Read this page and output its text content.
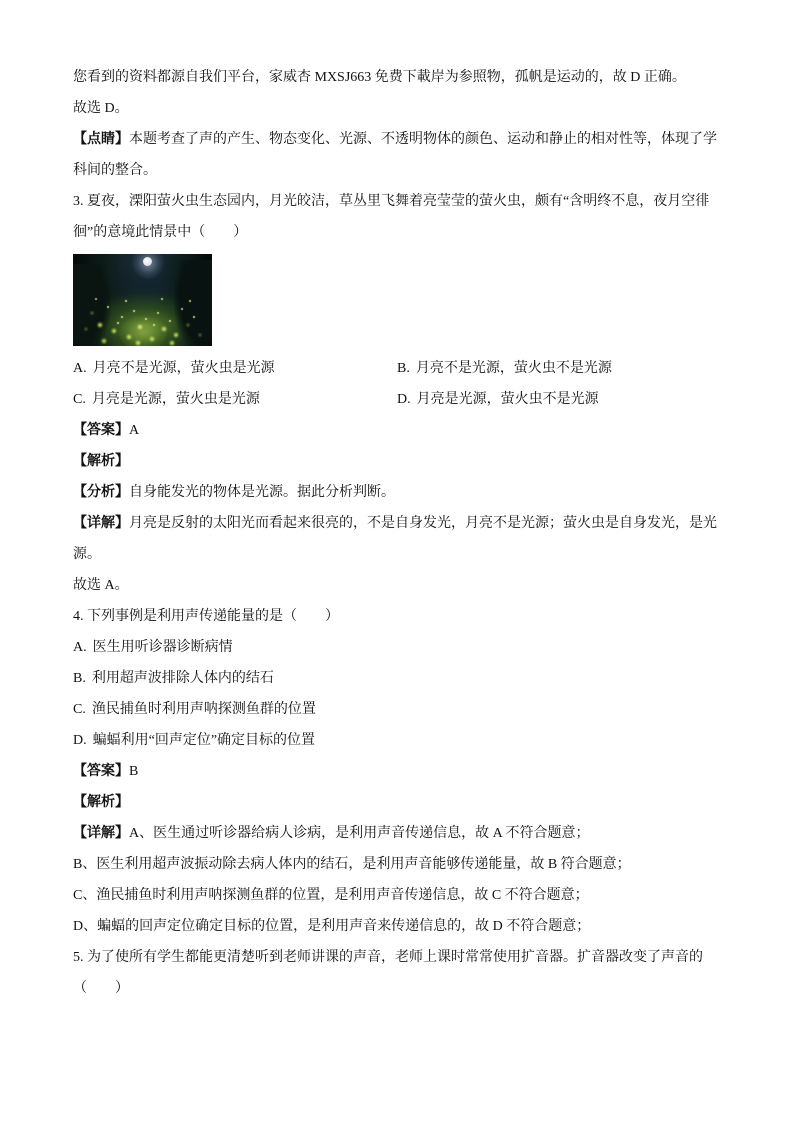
您看到的资料都源自我们平台，家威杏 MXSJ663 免费下載岸为参照物，孤帆是运动的，故 D 正确。
故选 D。
【点睛】本题考查了声的产生、物态变化、光源、不透明物体的颜色、运动和静止的相对性等，体现了学
科间的整合。
3. 夏夜，溧阳萤火虫生态园内，月光皎洁，草丛里飞舞着亮莹莹的萤火虫，颇有“含明终不息，夜月空徘
徊”的意境此情景中（　　）
A. 月亮不是光源，萤火虫是光源	B. 月亮不是光源，萤火虫不是光源
C. 月亮是光源，萤火虫是光源	D. 月亮是光源，萤火虫不是光源
【答案】A
【解析】
【分析】自身能发光的物体是光源。据此分析判断。
【详解】月亮是反射的太阳光而看起来很亮的，不是自身发光，月亮不是光源；萤火虫是自身发光，是光
源。
故选 A。
4. 下列事例是利用声传递能量的是（　　）
A. 医生用听诊器诊断病情
B. 利用超声波排除人体内的结石
C. 渔民捕鱼时利用声呐探测鱼群的位置
D. 蝙蝠利用“回声定位”确定目标的位置
【答案】B
【解析】
【详解】A、医生通过听诊器给病人诊病，是利用声音传递信息，故 A 不符合题意；
B、医生利用超声波振动除去病人体内的结石，是利用声音能够传递能量，故 B 符合题意；
C、渔民捕鱼时利用声呐探测鱼群的位置，是利用声音传递信息，故 C 不符合题意；
D、蝙蝠的回声定位确定目标的位置，是利用声音来传递信息的，故 D 不符合题意；
5. 为了使所有学生都能更清楚听到老师讲课的声音，老师上课时常常使用扩音器。扩音器改变了声音的
（　　）
